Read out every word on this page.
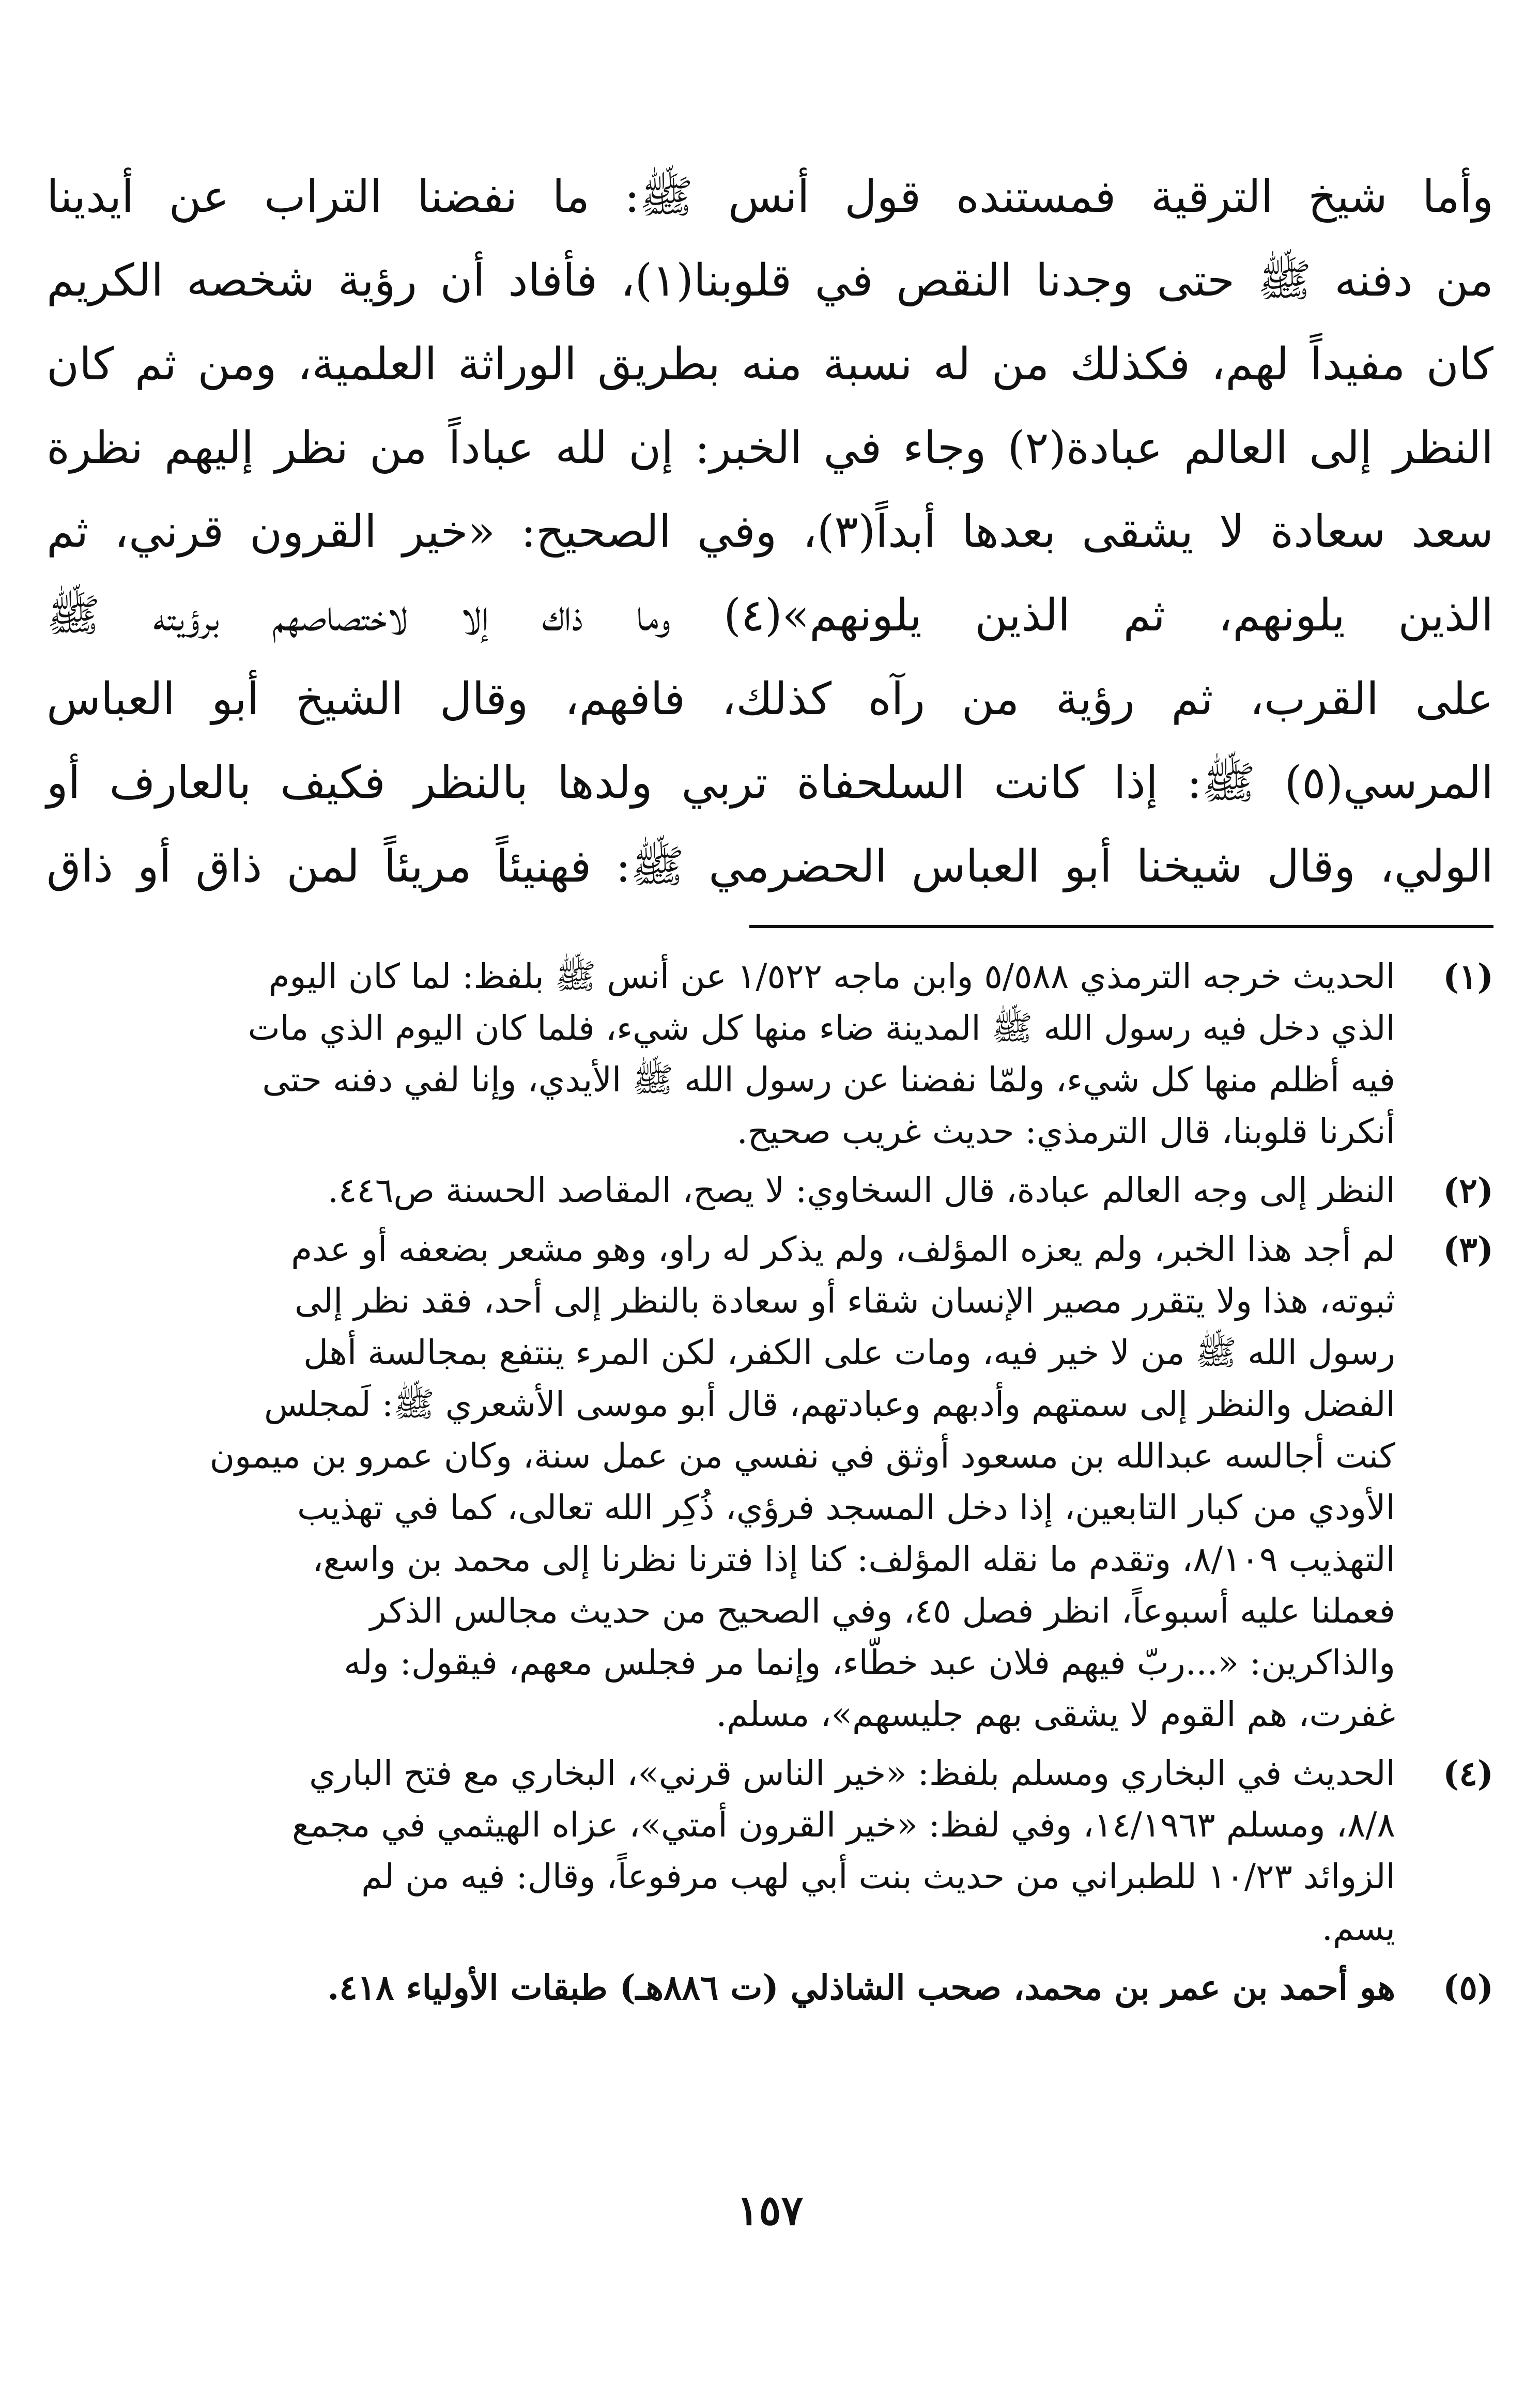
وأما شيخ الترقية فمستنده قول أنس ﷺ: ما نفضنا التراب عن أيدينا
من دفنه ﷺ حتى وجدنا النقص في قلوبنا(١)، فأفاد أن رؤية شخصه الكريم
كان مفيداً لهم، فكذلك من له نسبة منه بطريق الوراثة العلمية، ومن ثم كان
النظر إلى العالم عبادة(٢) وجاء في الخبر: إن لله عباداً من نظر إليهم نظرة
سعد سعادة لا يشقى بعدها أبداً(٣)، وفي الصحيح: «خير القرون قرني، ثم
الذين يلونهم، ثم الذين يلونهم»(٤) وما ذاك إلا لاختصاصهم برؤيته ﷺ
على القرب، ثم رؤية من رآه كذلك، فافهم، وقال الشيخ أبو العباس
المرسي(٥) ﷺ: إذا كانت السلحفاة تربي ولدها بالنظر فكيف بالعارف أو
الولي، وقال شيخنا أبو العباس الحضرمي ﷺ: فهنيئاً مريئاً لمن ذاق أو ذاق
(١)
الحديث خرجه الترمذي ٥/٥٨٨ وابن ماجه ١/٥٢٢ عن أنس ﷺ بلفظ: لما كان اليوم
الذي دخل فيه رسول الله ﷺ المدينة ضاء منها كل شيء، فلما كان اليوم الذي مات
فيه أظلم منها كل شيء، ولمّا نفضنا عن رسول الله ﷺ الأيدي، وإنا لفي دفنه حتى
أنكرنا قلوبنا، قال الترمذي: حديث غريب صحيح.
(٢)
النظر إلى وجه العالم عبادة، قال السخاوي: لا يصح، المقاصد الحسنة ص٤٤٦.
(٣)
لم أجد هذا الخبر، ولم يعزه المؤلف، ولم يذكر له راو، وهو مشعر بضعفه أو عدم
ثبوته، هذا ولا يتقرر مصير الإنسان شقاء أو سعادة بالنظر إلى أحد، فقد نظر إلى
رسول الله ﷺ من لا خير فيه، ومات على الكفر، لكن المرء ينتفع بمجالسة أهل
الفضل والنظر إلى سمتهم وأدبهم وعبادتهم، قال أبو موسى الأشعري ﷺ: لَمجلس
كنت أجالسه عبدالله بن مسعود أوثق في نفسي من عمل سنة، وكان عمرو بن ميمون
الأودي من كبار التابعين، إذا دخل المسجد فرؤي، ذُكِر الله تعالى، كما في تهذيب
التهذيب ٨/١٠٩، وتقدم ما نقله المؤلف: كنا إذا فترنا نظرنا إلى محمد بن واسع،
فعملنا عليه أسبوعاً، انظر فصل ٤٥، وفي الصحيح من حديث مجالس الذكر
والذاكرين: «...ربّ فيهم فلان عبد خطّاء، وإنما مر فجلس معهم، فيقول: وله
غفرت، هم القوم لا يشقى بهم جليسهم»، مسلم.
(٤)
الحديث في البخاري ومسلم بلفظ: «خير الناس قرني»، البخاري مع فتح الباري
٨/٨، ومسلم ١٤/١٩٦٣، وفي لفظ: «خير القرون أمتي»، عزاه الهيثمي في مجمع
الزوائد ١٠/٢٣ للطبراني من حديث بنت أبي لهب مرفوعاً، وقال: فيه من لم
يسم.
(٥)
هو أحمد بن عمر بن محمد، صحب الشاذلي (ت ٨٨٦هـ) طبقات الأولياء ٤١٨.
١٥٧
